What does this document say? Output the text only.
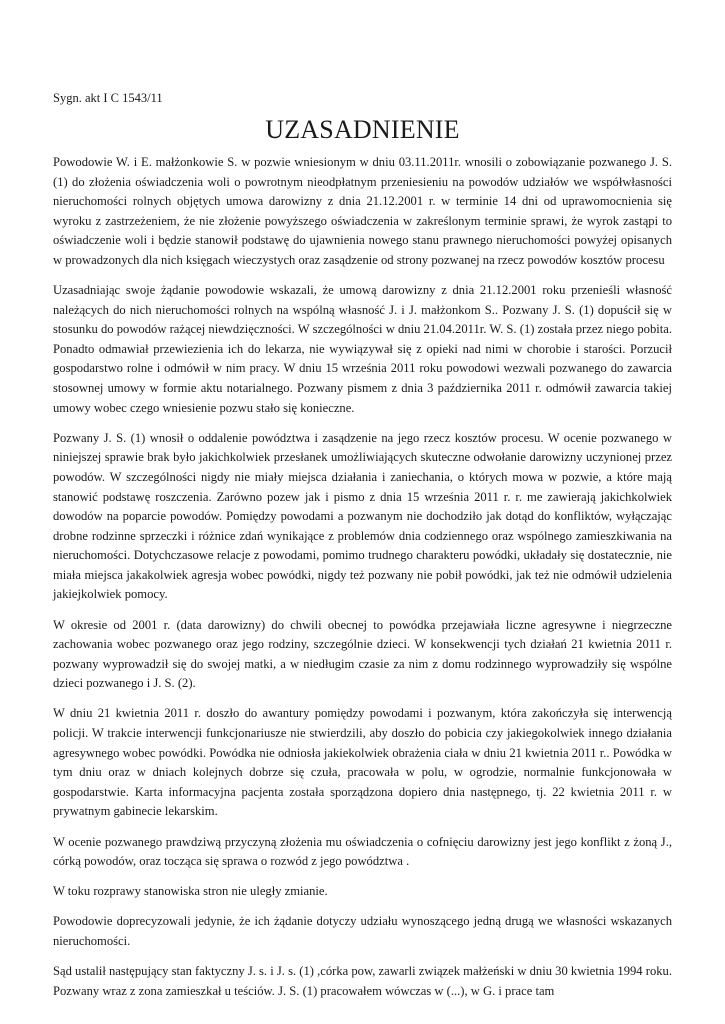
Sygn. akt I C 1543/11
UZASADNIENIE

Powodowie W. i E. małżonkowie S. w pozwie wniesionym w dniu 03.11.2011r. wnosili o zobowiązanie pozwanego J. S. (1) do złożenia oświadczenia woli o powrotnym nieodpłatnym przeniesieniu na powodów udziałów we współwłasności nieruchomości rolnych objętych umowa darowizny z dnia 21.12.2001 r. w terminie 14 dni od uprawomocnienia się wyroku z zastrzeżeniem, że nie złożenie powyższego oświadczenia w zakreślonym terminie sprawi, że wyrok zastąpi to oświadczenie woli i będzie stanowił podstawę do ujawnienia nowego stanu prawnego nieruchomości powyżej opisanych w prowadzonych dla nich księgach wieczystych oraz zasądzenie od strony pozwanej na rzecz powodów kosztów procesu

Uzasadniając swoje żądanie powodowie wskazali, że umową darowizny z dnia 21.12.2001 roku przenieśli własność należących do nich nieruchomości rolnych na wspólną własność J. i J. małżonkom S.. Pozwany J. S. (1) dopuścił się w stosunku do powodów rażącej niewdzięczności. W szczególności w dniu 21.04.2011r. W. S. (1) została przez niego pobita. Ponadto odmawiał przewiezienia ich do lekarza, nie wywiązywał się z opieki nad nimi w chorobie i starości. Porzucił gospodarstwo rolne i odmówił w nim pracy. W dniu 15 września 2011 roku powodowi wezwali pozwanego do zawarcia stosownej umowy w formie aktu notarialnego. Pozwany pismem z dnia 3 października 2011 r. odmówił zawarcia takiej umowy wobec czego wniesienie pozwu stało się konieczne.

Pozwany J. S. (1) wnosił o oddalenie powództwa i zasądzenie na jego rzecz kosztów procesu. W ocenie pozwanego w niniejszej sprawie brak było jakichkolwiek przesłanek umożliwiających skuteczne odwołanie darowizny uczynionej przez powodów. W szczególności nigdy nie miały miejsca działania i zaniechania, o których mowa w pozwie, a które mają stanowić podstawę roszczenia. Zarówno pozew jak i pismo z dnia 15 września 2011 r. r. me zawierają jakichkolwiek dowodów na poparcie powodów. Pomiędzy powodami a pozwanym nie dochodziło jak dotąd do konfliktów, wyłączając drobne rodzinne sprzeczki i różnice zdań wynikające z problemów dnia codziennego oraz wspólnego zamieszkiwania na nieruchomości. Dotychczasowe relacje z powodami, pomimo trudnego charakteru powódki, układały się dostatecznie, nie miała miejsca jakakolwiek agresja wobec powódki, nigdy też pozwany nie pobił powódki, jak też nie odmówił udzielenia jakiejkolwiek pomocy.

W okresie od 2001 r. (data darowizny) do chwili obecnej to powódka przejawiała liczne agresywne i niegrzeczne zachowania wobec pozwanego oraz jego rodziny, szczególnie dzieci. W konsekwencji tych działań 21 kwietnia 2011 r. pozwany wyprowadził się do swojej matki, a w niedługim czasie za nim z domu rodzinnego wyprowadziły się wspólne dzieci pozwanego i J. S. (2).

W dniu 21 kwietnia 2011 r. doszło do awantury pomiędzy powodami i pozwanym, która zakończyła się interwencją policji. W trakcie interwencji funkcjonariusze nie stwierdzili, aby doszło do pobicia czy jakiegokolwiek innego działania agresywnego wobec powódki. Powódka nie odniosła jakiekolwiek obrażenia ciała w dniu 21 kwietnia 2011 r.. Powódka w tym dniu oraz w dniach kolejnych dobrze się czuła, pracowała w polu, w ogrodzie, normalnie funkcjonowała w gospodarstwie. Karta informacyjna pacjenta została sporządzona dopiero dnia następnego, tj. 22 kwietnia 2011 r. w prywatnym gabinecie lekarskim.

W ocenie pozwanego prawdziwą przyczyną złożenia mu oświadczenia o cofnięciu darowizny jest jego konflikt z żoną J., córką powodów, oraz tocząca się sprawa o rozwód z jego powództwa .

W toku rozprawy stanowiska stron nie uległy zmianie.

Powodowie doprecyzowali jedynie, że ich żądanie dotyczy udziału wynoszącego jedną drugą we własności wskazanych nieruchomości.

Sąd ustalił następujący stan faktyczny J. s. i J. s. (1) ,córka pow, zawarli związek małżeński w dniu 30 kwietnia 1994 roku. Pozwany wraz z zona zamieszkał u teściów. J. S. (1) pracowałem wówczas w (...), w G. i prace tam
